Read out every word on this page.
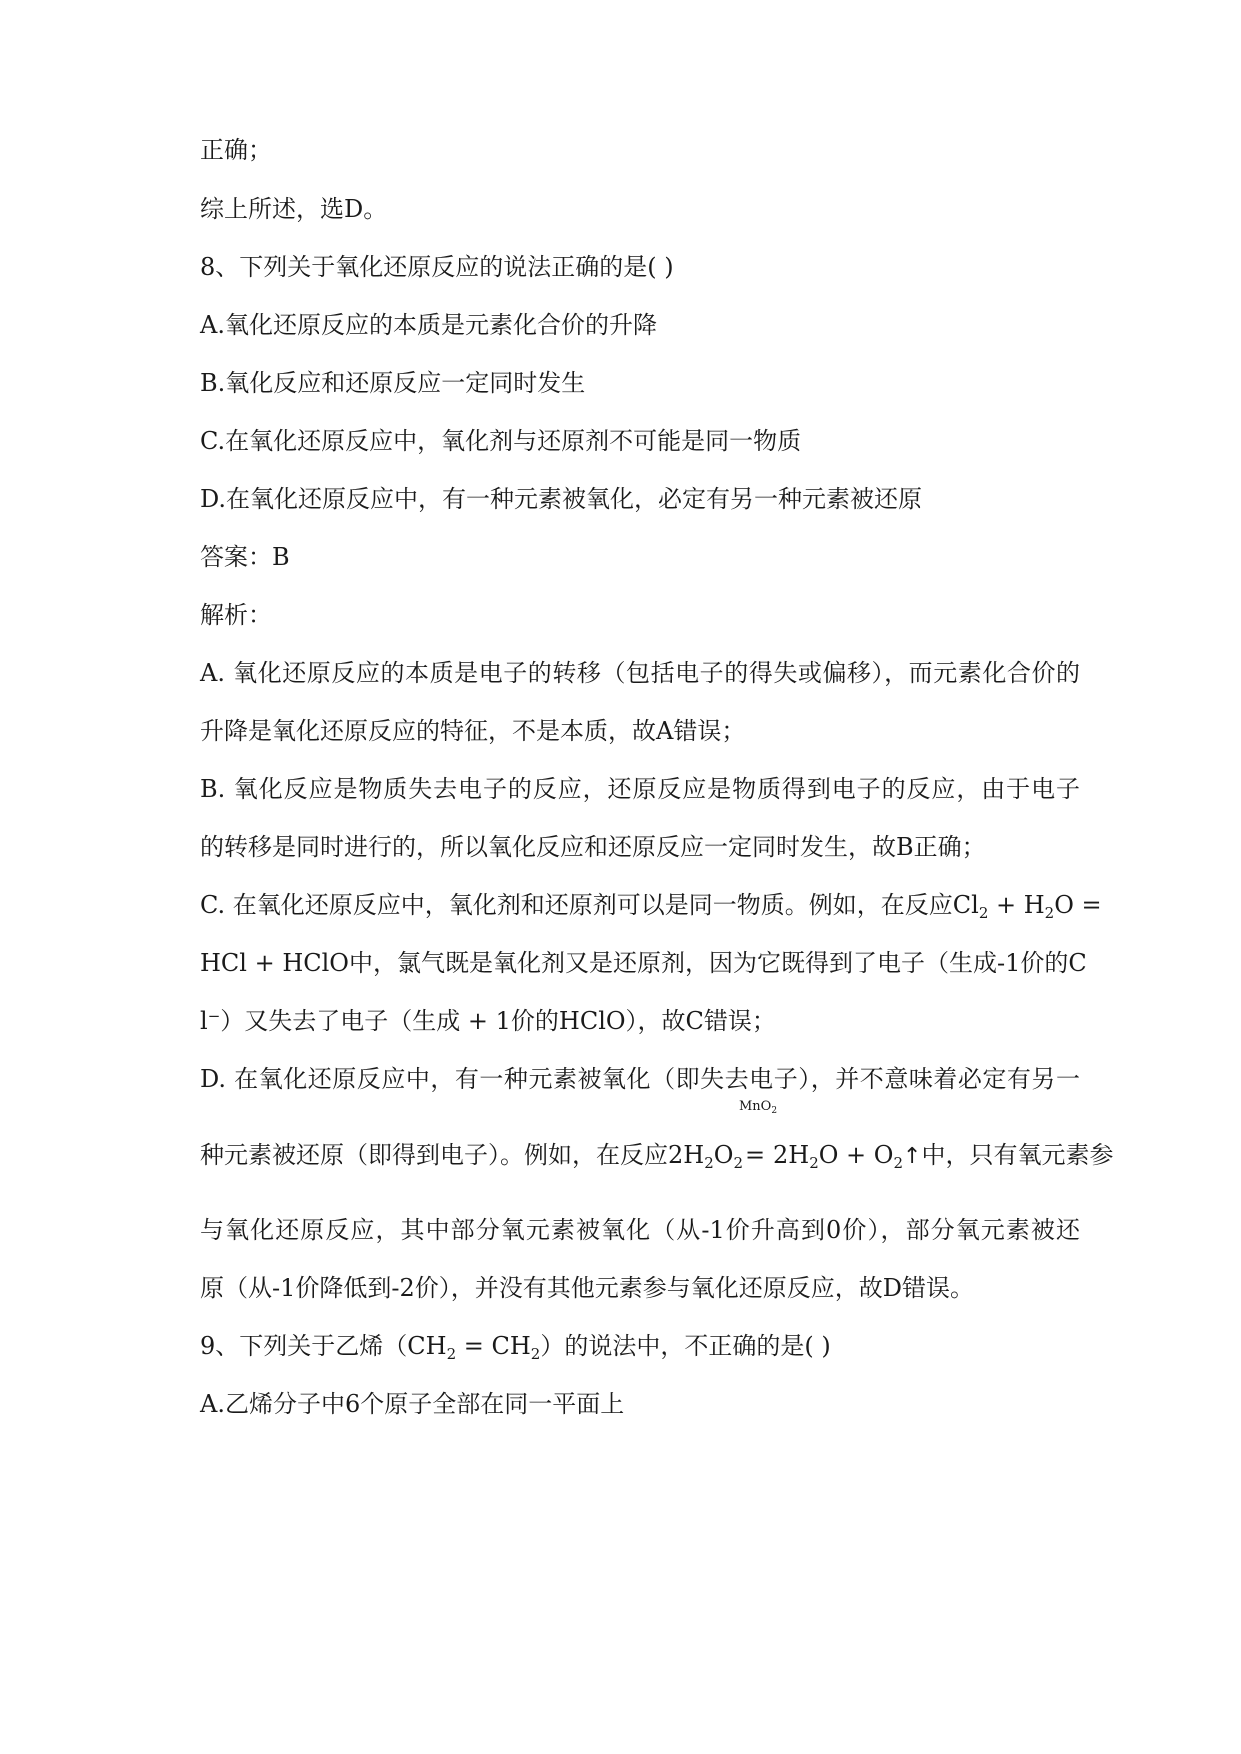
正确；
综上所述，选D。
8、下列关于氧化还原反应的说法正确的是( )
A.氧化还原反应的本质是元素化合价的升降
B.氧化反应和还原反应一定同时发生
C.在氧化还原反应中，氧化剂与还原剂不可能是同一物质
D.在氧化还原反应中，有一种元素被氧化，必定有另一种元素被还原
答案：B
解析：
A. 氧化还原反应的本质是电子的转移（包括电子的得失或偏移），而元素化合价的
升降是氧化还原反应的特征，不是本质，故A错误；
B. 氧化反应是物质失去电子的反应，还原反应是物质得到电子的反应，由于电子
的转移是同时进行的，所以氧化反应和还原反应一定同时发生，故B正确；
C. 在氧化还原反应中，氧化剂和还原剂可以是同一物质。例如，在反应$Cl_2 + H_2O$ =
HCl + HClO中，氯气既是氧化剂又是还原剂，因为它既得到了电子（生成-1价的C
l−）又失去了电子（生成 + 1价的HClO），故C错误；
D. 在氧化还原反应中，有一种元素被氧化（即失去电子），并不意味着必定有另一
种元素被还原（即得到电子）。例如，在反应$2H_2O_2$
MnO$_2$
= $2H_2O$ + $O_2↑$中，只有氧元素参
与氧化还原反应，其中部分氧元素被氧化（从-1价升高到0价），部分氧元素被还
原（从-1价降低到-2价），并没有其他元素参与氧化还原反应，故D错误。
9、下列关于乙烯$(CH_2 = CH_2)$的说法中，不正确的是( )
A.乙烯分子中6个原子全部在同一平面上
